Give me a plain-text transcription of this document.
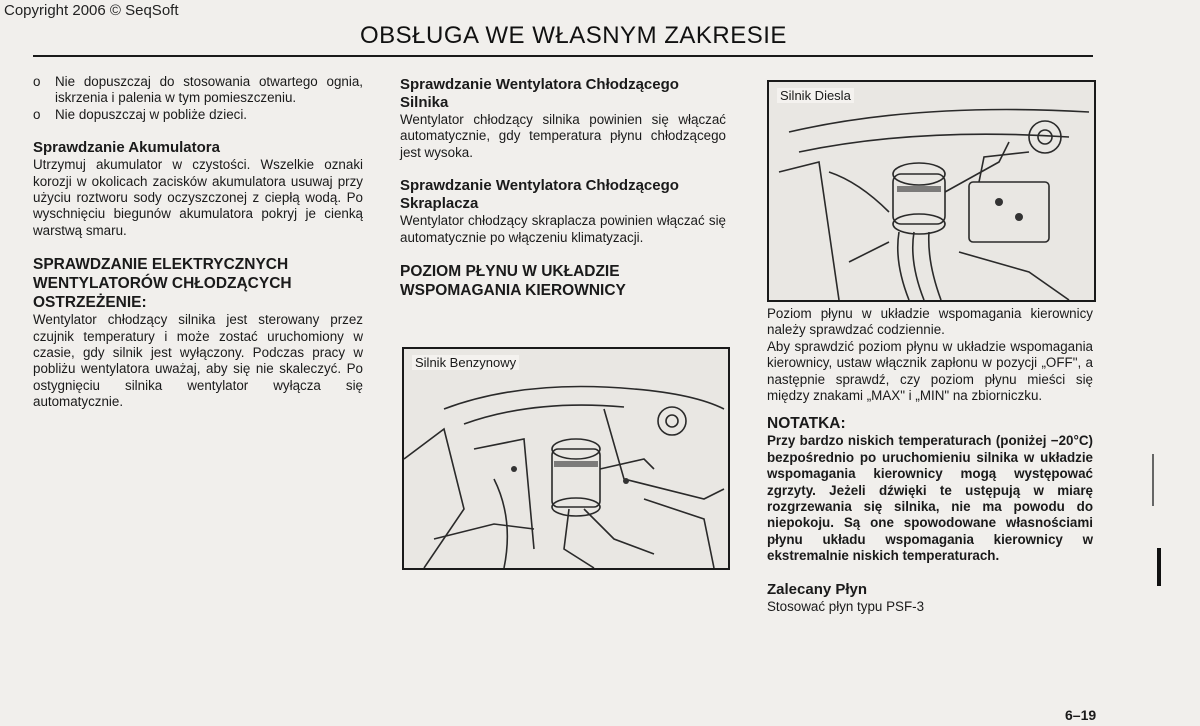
Copyright 2006 © SeqSoft
OBSŁUGA WE WŁASNYM ZAKRESIE
o Nie dopuszczaj do stosowania otwartego ognia, iskrzenia i palenia w tym pomieszczeniu.
o Nie dopuszczaj w pobliże dzieci.
Sprawdzanie Akumulatora

Utrzymuj akumulator w czystości. Wszelkie oznaki korozji w okolicach zacisków akumulatora usuwaj przy użyciu roztworu sody oczyszczonej z ciepłą wodą. Po wyschnięciu biegunów akumulatora pokryj je cienką warstwą smaru.

SPRAWDZANIE ELEKTRYCZNYCH WENTYLATORÓW CHŁODZĄCYCH
OSTRZEŻENIE:

Wentylator chłodzący silnika jest sterowany przez czujnik temperatury i może zostać uruchomiony w czasie, gdy silnik jest wyłączony. Podczas pracy w pobliżu wentylatora uważaj, aby się nie skaleczyć. Po ostygnięciu silnika wentylator wyłącza się automatycznie.

Sprawdzanie Wentylatora Chłodzącego Silnika

Wentylator chłodzący silnika powinien się włączać automatycznie, gdy temperatura płynu chłodzącego jest wysoka.

Sprawdzanie Wentylatora Chłodzącego Skraplacza

Wentylator chłodzący skraplacza powinien włączać się automatycznie po włączeniu klimatyzacji.

POZIOM PŁYNU W UKŁADZIE WSPOMAGANIA KIEROWNICY
Silnik Benzynowy
Silnik Diesla

Poziom płynu w układzie wspomagania kierownicy należy sprawdzać codziennie.

Aby sprawdzić poziom płynu w układzie wspomagania kierownicy, ustaw włącznik zapłonu w pozycji „OFF", a następnie sprawdź, czy poziom płynu mieści się między znakami „MAX" i „MIN" na zbiorniczku.

NOTATKA:

Przy bardzo niskich temperaturach (poniżej −20°C) bezpośrednio po uruchomieniu silnika w układzie wspomagania kierownicy mogą występować zgrzyty. Jeżeli dźwięki te ustępują w miarę rozgrzewania się silnika, nie ma powodu do niepokoju. Są one spowodowane własnościami płynu układu wspomagania kierownicy w ekstremalnie niskich temperaturach.

Zalecany Płyn

Stosować płyn typu PSF-3

6–19
